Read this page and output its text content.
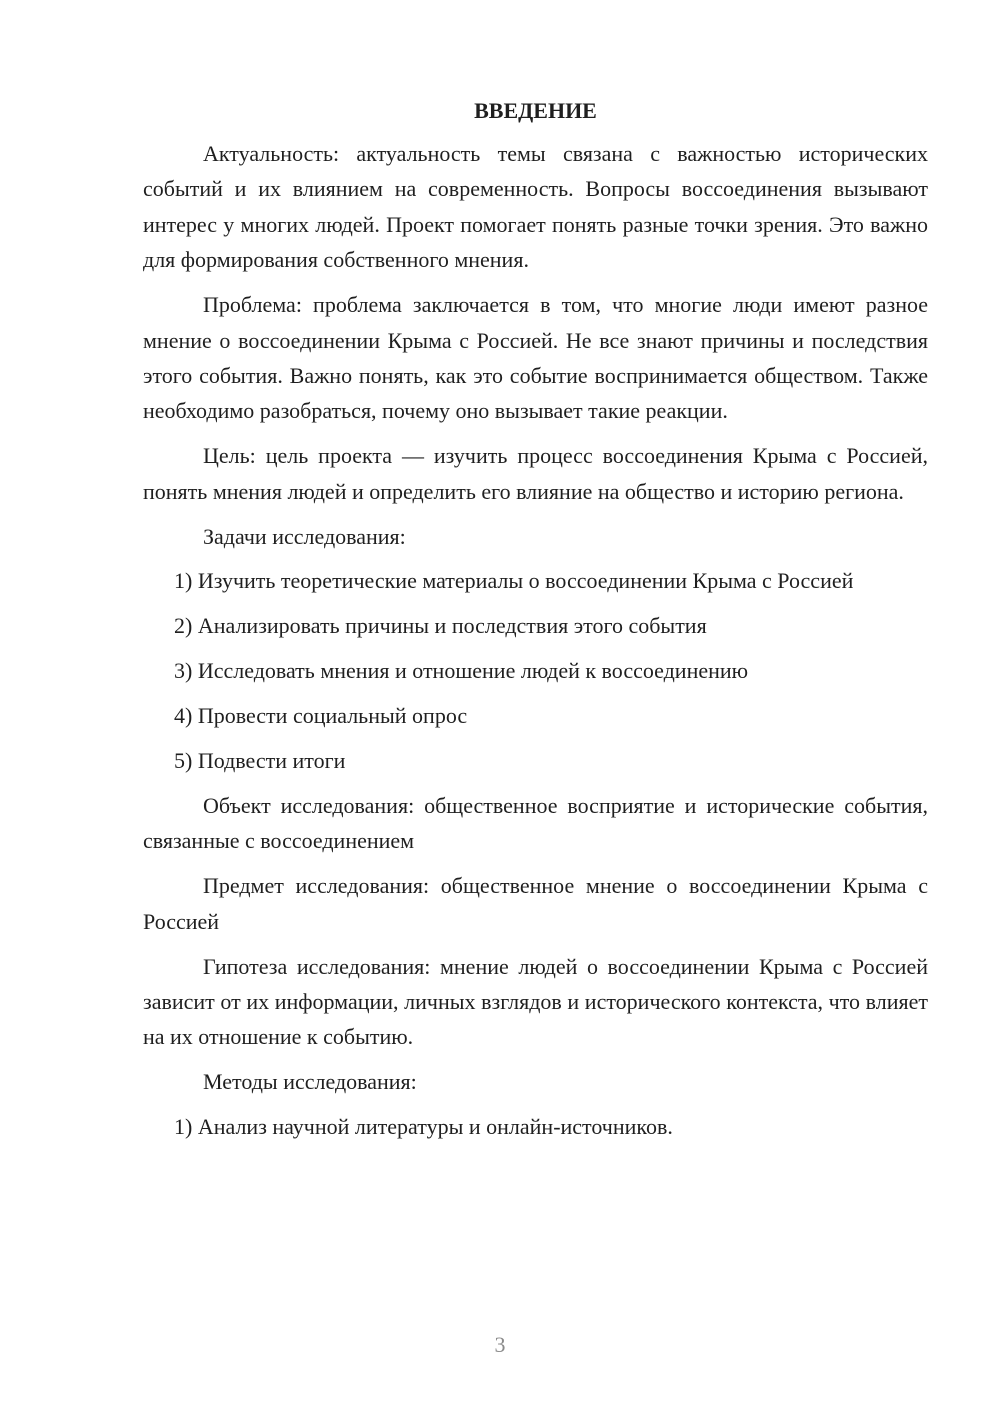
ВВЕДЕНИЕ

Актуальность: актуальность темы связана с важностью исторических событий и их влиянием на современность. Вопросы воссоединения вызывают интерес у многих людей. Проект помогает понять разные точки зрения. Это важно для формирования собственного мнения.

Проблема: проблема заключается в том, что многие люди имеют разное мнение о воссоединении Крыма с Россией. Не все знают причины и последствия этого события. Важно понять, как это событие воспринимается обществом. Также необходимо разобраться, почему оно вызывает такие реакции.

Цель: цель проекта — изучить процесс воссоединения Крыма с Россией, понять мнения людей и определить его влияние на общество и историю региона.

Задачи исследования:

1) Изучить теоретические материалы о воссоединении Крыма с Россией

2) Анализировать причины и последствия этого события

3) Исследовать мнения и отношение людей к воссоединению

4) Провести социальный опрос

5) Подвести итоги

Объект исследования: общественное восприятие и исторические события, связанные с воссоединением

Предмет исследования: общественное мнение о воссоединении Крыма с Россией

Гипотеза исследования: мнение людей о воссоединении Крыма с Россией зависит от их информации, личных взглядов и исторического контекста, что влияет на их отношение к событию.

Методы исследования:

1) Анализ научной литературы и онлайн-источников.

3
